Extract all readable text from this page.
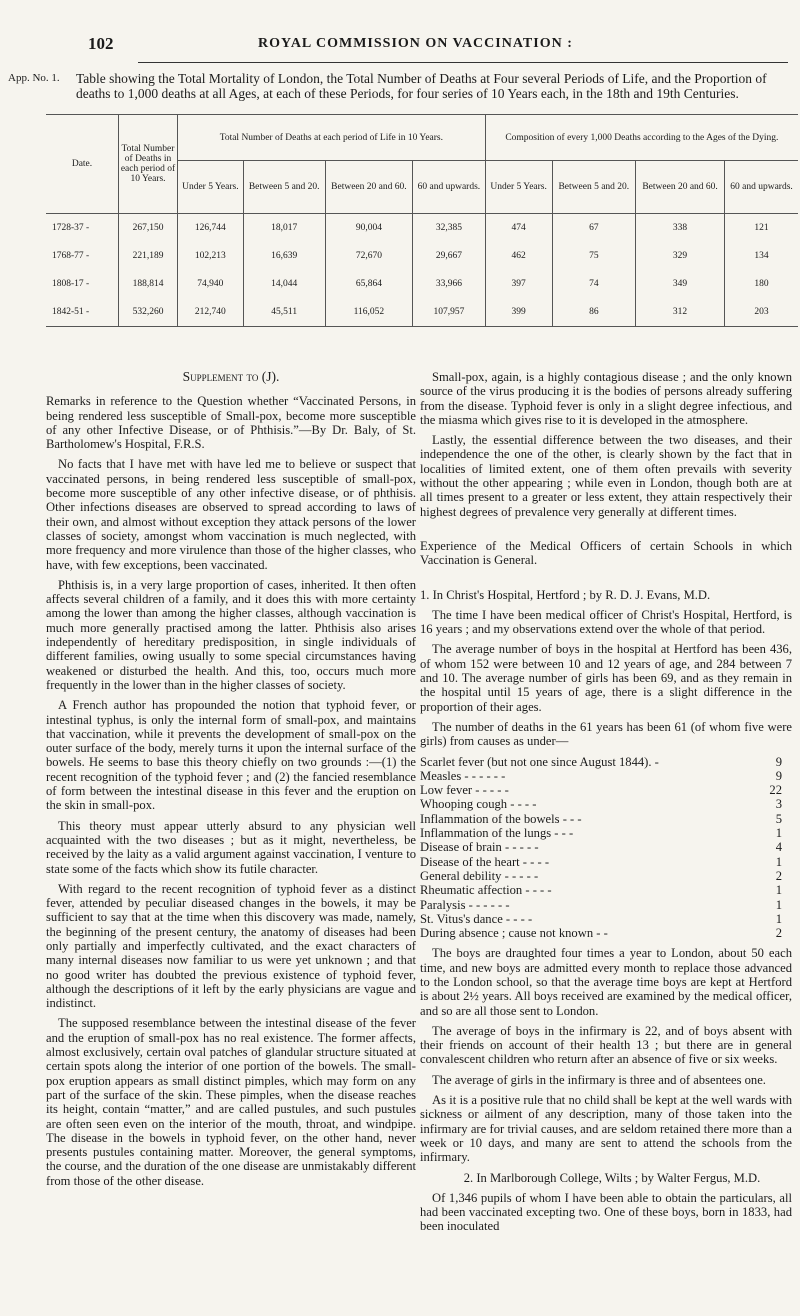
102	ROYAL COMMISSION ON VACCINATION :
App. No. 1. Table showing the Total Mortality of London, the Total Number of Deaths at Four several Periods of Life, and the Proportion of deaths to 1,000 deaths at all Ages, at each of these Periods, for four series of 10 Years each, in the 18th and 19th Centuries.
Date.	Total Number of Deaths in each period of 10 Years.	Total Number of Deaths at each period of Life in 10 Years.				Composition of every 1,000 Deaths according to the Ages of the Dying.			
		Under 5 Years.	Between 5 and 20.	Between 20 and 60.	60 and upwards.	Under 5 Years.	Between 5 and 20.	Between 20 and 60.	60 and upwards.
1728-37 -	267,150	126,744	18,017	90,004	32,385	474	67	338	121
1768-77 -	221,189	102,213	16,639	72,670	29,667	462	75	329	134
1808-17 -	188,814	74,940	14,044	65,864	33,966	397	74	349	180
1842-51 -	532,260	212,740	45,511	116,052	107,957	399	86	312	203
Supplement to (J).

Remarks in reference to the Question whether “Vaccinated Persons, in being rendered less susceptible of Small-pox, become more susceptible of any other Infective Disease, or of Phthisis.”—By Dr. Baly, of St. Bartholomew's Hospital, F.R.S.

No facts that I have met with have led me to believe or suspect that vaccinated persons, in being rendered less susceptible of small-pox, become more susceptible of any other infective disease, or of phthisis. Other infections diseases are observed to spread according to laws of their own, and almost without exception they attack persons of the lower classes of society, amongst whom vaccination is much neglected, with more frequency and more virulence than those of the higher classes, who have, with few exceptions, been vaccinated.

Phthisis is, in a very large proportion of cases, inherited. It then often affects several children of a family, and it does this with more certainty among the lower than among the higher classes, although vaccination is much more generally practised among the latter. Phthisis also arises independently of hereditary predisposition, in single individuals of different families, owing usually to some special circumstances having weakened or disturbed the health. And this, too, occurs much more frequently in the lower than in the higher classes of society.

A French author has propounded the notion that typhoid fever, or intestinal typhus, is only the internal form of small-pox, and maintains that vaccination, while it prevents the development of small-pox on the outer surface of the body, merely turns it upon the internal surface of the bowels. He seems to base this theory chiefly on two grounds :—(1) the recent recognition of the typhoid fever ; and (2) the fancied resemblance of form between the intestinal disease in this fever and the eruption on the skin in small-pox.

This theory must appear utterly absurd to any physician well acquainted with the two diseases ; but as it might, nevertheless, be received by the laity as a valid argument against vaccination, I venture to state some of the facts which show its futile character.

With regard to the recent recognition of typhoid fever as a distinct fever, attended by peculiar diseased changes in the bowels, it may be sufficient to say that at the time when this discovery was made, namely, the beginning of the present century, the anatomy of diseases had been only partially and imperfectly cultivated, and the exact characters of many internal diseases now familiar to us were yet unknown ; and that no good writer has doubted the previous existence of typhoid fever, although the descriptions of it left by the early physicians are vague and indistinct.

The supposed resemblance between the intestinal disease of the fever and the eruption of small-pox has no real existence. The former affects, almost exclusively, certain oval patches of glandular structure situated at certain spots along the interior of one portion of the bowels. The small-pox eruption appears as small distinct pimples, which may form on any part of the surface of the skin. These pimples, when the disease reaches its height, contain “matter,” and are called pustules, and such pustules are often seen even on the interior of the mouth, throat, and windpipe. The disease in the bowels in typhoid fever, on the other hand, never presents pustules containing matter. Moreover, the general symptoms, the course, and the duration of the one disease are unmistakably different from those of the other disease.

Small-pox, again, is a highly contagious disease ; and the only known source of the virus producing it is the bodies of persons already suffering from the disease. Typhoid fever is only in a slight degree infectious, and the miasma which gives rise to it is developed in the atmosphere.

Lastly, the essential difference between the two diseases, and their independence the one of the other, is clearly shown by the fact that in localities of limited extent, one of them often prevails with severity without the other appearing ; while even in London, though both are at all times present to a greater or less extent, they attain respectively their highest degrees of prevalence very generally at different times.

Experience of the Medical Officers of certain Schools in which Vaccination is General.

1. In Christ's Hospital, Hertford ; by R. D. J. Evans, M.D.

The time I have been medical officer of Christ's Hospital, Hertford, is 16 years ; and my observations extend over the whole of that period.

The average number of boys in the hospital at Hertford has been 436, of whom 152 were between 10 and 12 years of age, and 284 between 7 and 10. The average number of girls has been 69, and as they remain in the hospital until 15 years of age, there is a slight difference in the proportion of their ages.

The number of deaths in the 61 years has been 61 (of whom five were girls) from causes as under—

Scarlet fever (but not one since August 1844). -	9
Measles - - - - - -	9
Low fever - - - - -	22
Whooping cough - - - -	3
Inflammation of the bowels - - -	5
Inflammation of the lungs - - -	1
Disease of brain - - - - -	4
Disease of the heart - - - -	1
General debility - - - - -	2
Rheumatic affection - - - -	1
Paralysis - - - - - -	1
St. Vitus's dance - - - -	1
During absence ; cause not known - -	2

The boys are draughted four times a year to London, about 50 each time, and new boys are admitted every month to replace those advanced to the London school, so that the average time boys are kept at Hertford is about 2½ years. All boys received are examined by the medical officer, and so are all those sent to London.

The average of boys in the infirmary is 22, and of boys absent with their friends on account of their health 13 ; but there are in general convalescent children who return after an absence of five or six weeks.

The average of girls in the infirmary is three and of absentees one.

As it is a positive rule that no child shall be kept at the well wards with sickness or ailment of any description, many of those taken into the infirmary are for trivial causes, and are seldom retained there more than a week or 10 days, and many are sent to attend the schools from the infirmary.

2. In Marlborough College, Wilts ; by Walter Fergus, M.D.

Of 1,346 pupils of whom I have been able to obtain the particulars, all had been vaccinated excepting two. One of these boys, born in 1833, had been inoculated
